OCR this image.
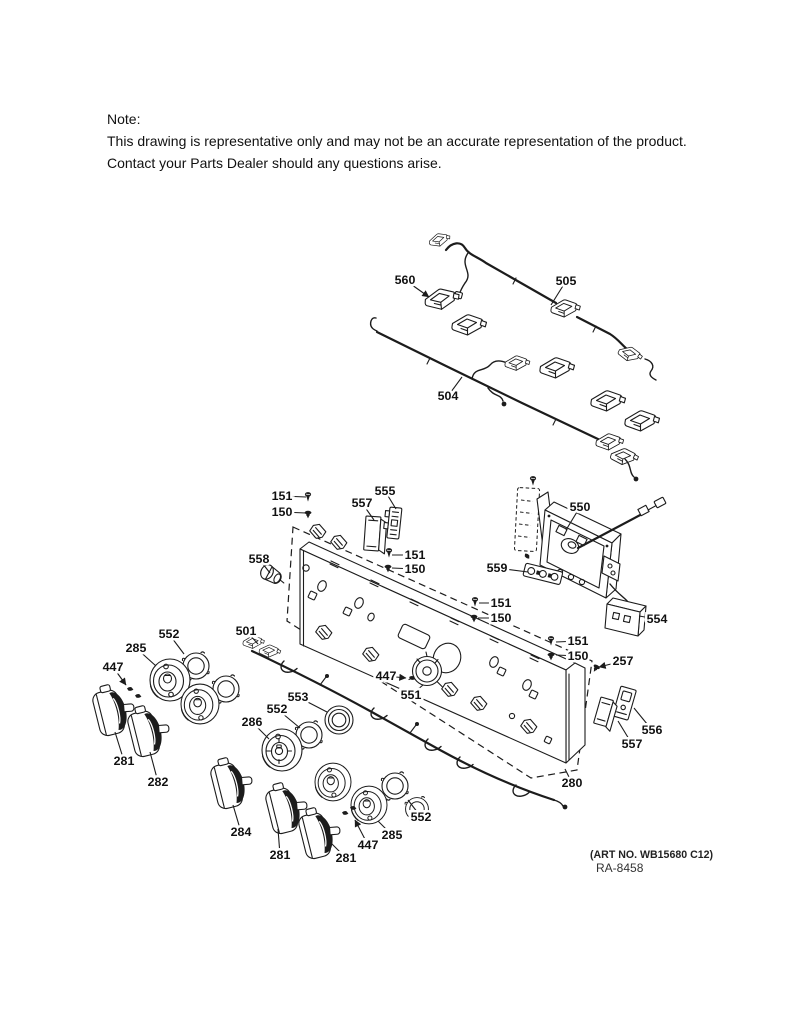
Note:
This drawing is representative only and may not be an accurate representation of the product.
Contact your Parts Dealer should any questions arise.
560	505
504
151
150
557
555
558
550
151
150	559
554
151
150
151
150 257
552
285
447
501
281
282
286
552
553
447
551
284
281	281
447
285
552
556
557
280
(ART NO. WB15680 C12)
RA-8458
